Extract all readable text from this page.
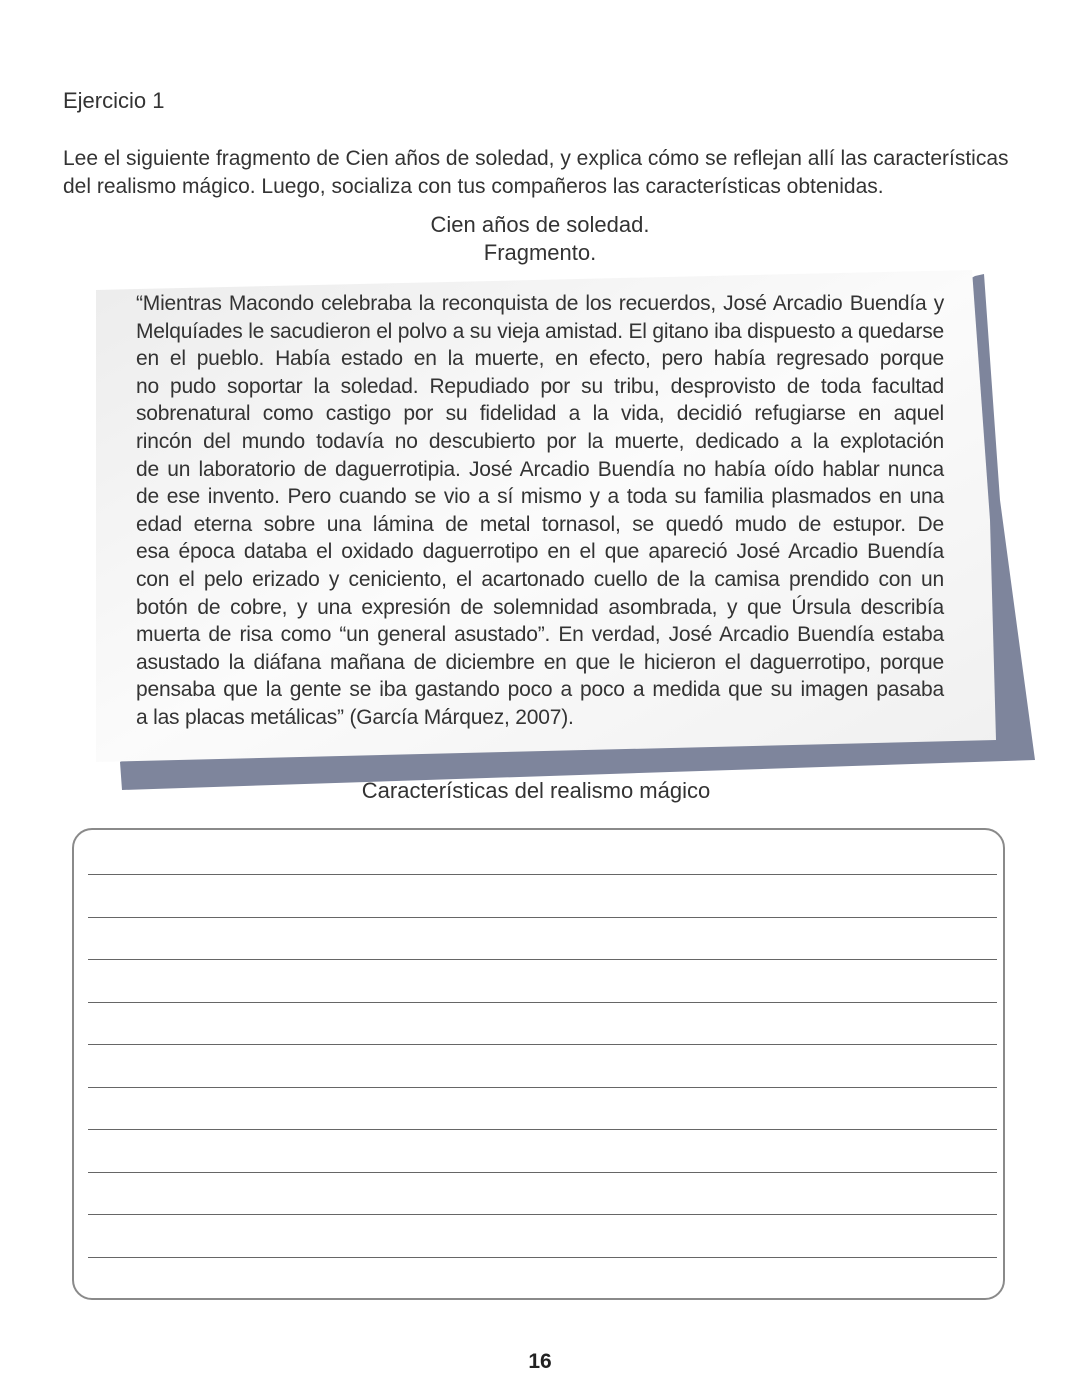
Ejercicio 1
Lee el siguiente fragmento de Cien años de soledad, y explica cómo se reflejan allí las características del realismo mágico. Luego, socializa con tus compañeros las características obtenidas.
Cien años de soledad.
Fragmento.
“Mientras Macondo celebraba la reconquista de los recuerdos, José Arcadio Buendía y
Melquíades le sacudieron el polvo a su vieja amistad. El gitano iba dispuesto a quedarse
en el pueblo. Había estado en la muerte, en efecto, pero había regresado porque
no pudo soportar la soledad. Repudiado por su tribu, desprovisto de toda facultad
sobrenatural como castigo por su fidelidad a la vida, decidió refugiarse en aquel
rincón del mundo todavía no descubierto por la muerte, dedicado a la explotación
de un laboratorio de daguerrotipia. José Arcadio Buendía no había oído hablar nunca
de ese invento. Pero cuando se vio a sí mismo y a toda su familia plasmados en una
edad eterna sobre una lámina de metal tornasol, se quedó mudo de estupor. De
esa época databa el oxidado daguerrotipo en el que apareció José Arcadio Buendía
con el pelo erizado y ceniciento, el acartonado cuello de la camisa prendido con un
botón de cobre, y una expresión de solemnidad asombrada, y que Úrsula describía
muerta de risa como “un general asustado”. En verdad, José Arcadio Buendía estaba
asustado la diáfana mañana de diciembre en que le hicieron el daguerrotipo, porque
pensaba que la gente se iba gastando poco a poco a medida que su imagen pasaba
a las placas metálicas” (García Márquez, 2007).
Características del realismo mágico
16
